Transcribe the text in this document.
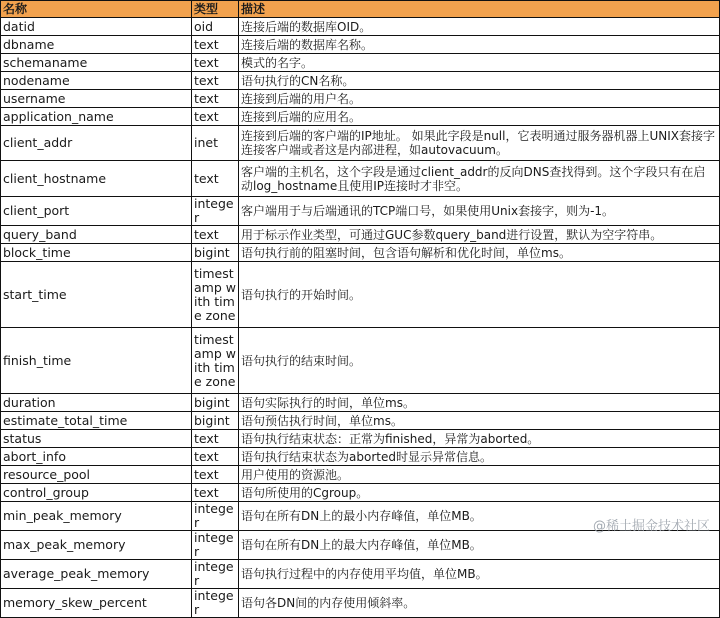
名称	类型	描述
datid	oid	连接后端的数据库OID。
dbname	text	连接后端的数据库名称。
schemaname	text	模式的名字。
nodename	text	语句执行的CN名称。
username	text	连接到后端的用户名。
application_name	text	连接到后端的应用名。
client_addr	inet	连接到后端的客户端的IP地址。 如果此字段是null，它表明通过服务器机器上UNIX套接字连接客户端或者这是内部进程，如autovacuum。
client_hostname	text	客户端的主机名，这个字段是通过client_addr的反向DNS查找得到。这个字段只有在启动log_hostname且使用IP连接时才非空。
client_port	integer	客户端用于与后端通讯的TCP端口号，如果使用Unix套接字，则为-1。
query_band	text	用于标示作业类型，可通过GUC参数query_band进行设置，默认为空字符串。
block_time	bigint	语句执行前的阻塞时间，包含语句解析和优化时间，单位ms。
start_time	timestamp with time zone	语句执行的开始时间。
finish_time	timestamp with time zone	语句执行的结束时间。
duration	bigint	语句实际执行的时间，单位ms。
estimate_total_time	bigint	语句预估执行时间，单位ms。
status	text	语句执行结束状态：正常为finished，异常为aborted。
abort_info	text	语句执行结束状态为aborted时显示异常信息。
resource_pool	text	用户使用的资源池。
control_group	text	语句所使用的Cgroup。
min_peak_memory	integer	语句在所有DN上的最小内存峰值，单位MB。
max_peak_memory	integer	语句在所有DN上的最大内存峰值，单位MB。
average_peak_memory	integer	语句执行过程中的内存使用平均值，单位MB。
memory_skew_percent	integer	语句各DN间的内存使用倾斜率。
@稀土掘金技术社区
